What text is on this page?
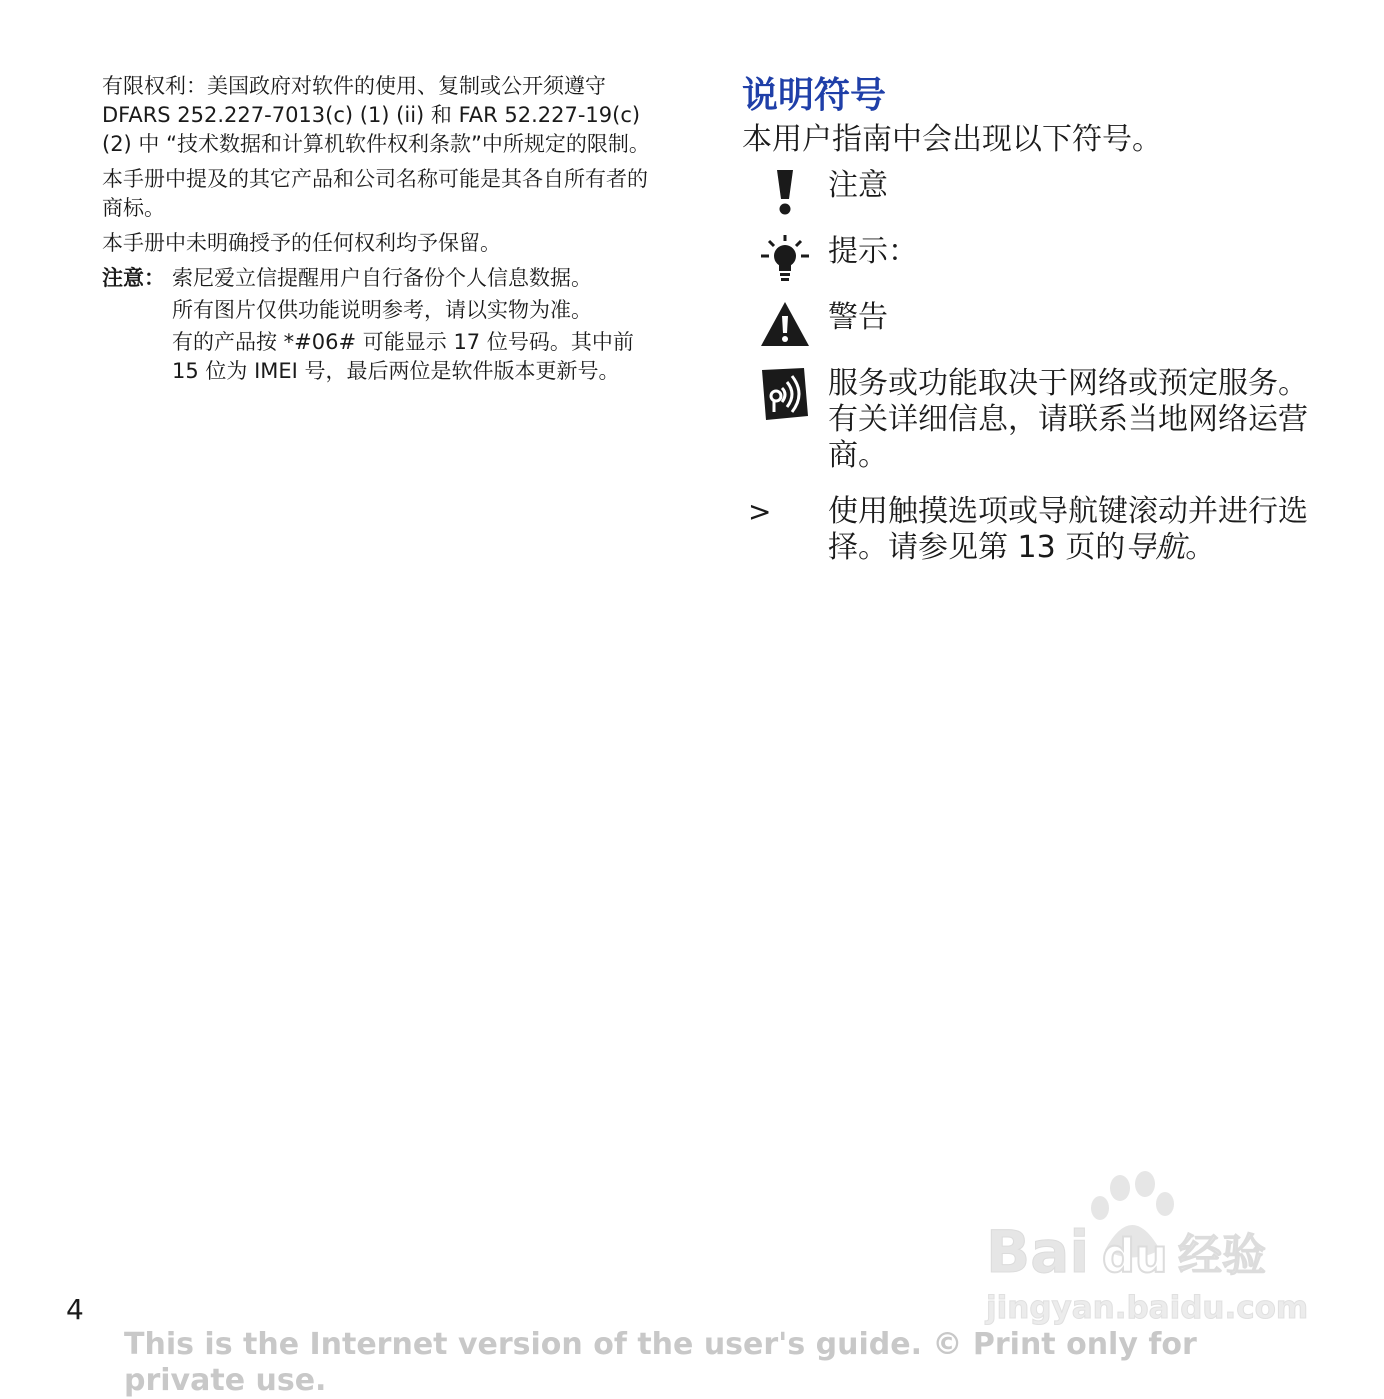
有限权利：美国政府对软件的使用、复制或公开须遵守 DFARS 252.227-7013(c) (1) (ii) 和 FAR 52.227-19(c) (2) 中 “技术数据和计算机软件权利条款”中所规定的限制。

本手册中提及的其它产品和公司名称可能是其各自所有者的商标。

本手册中未明确授予的任何权利均予保留。

注意： 索尼爱立信提醒用户自行备份个人信息数据。

所有图片仅供功能说明参考，请以实物为准。

有的产品按 *#06# 可能显示 17 位号码。其中前 15 位为 IMEI 号，最后两位是软件版本更新号。

说明符号

本用户指南中会出现以下符号。

注意
提示：
警告
服务或功能取决于网络或预定服务。有关详细信息，请联系当地网络运营商。
>	使用触摸选项或导航键滚动并进行选择。请参见第 13 页的导航。
4
This is the Internet version of the user's guide. © Print only for private use.
Bai du 经验
jingyan.baidu.com
